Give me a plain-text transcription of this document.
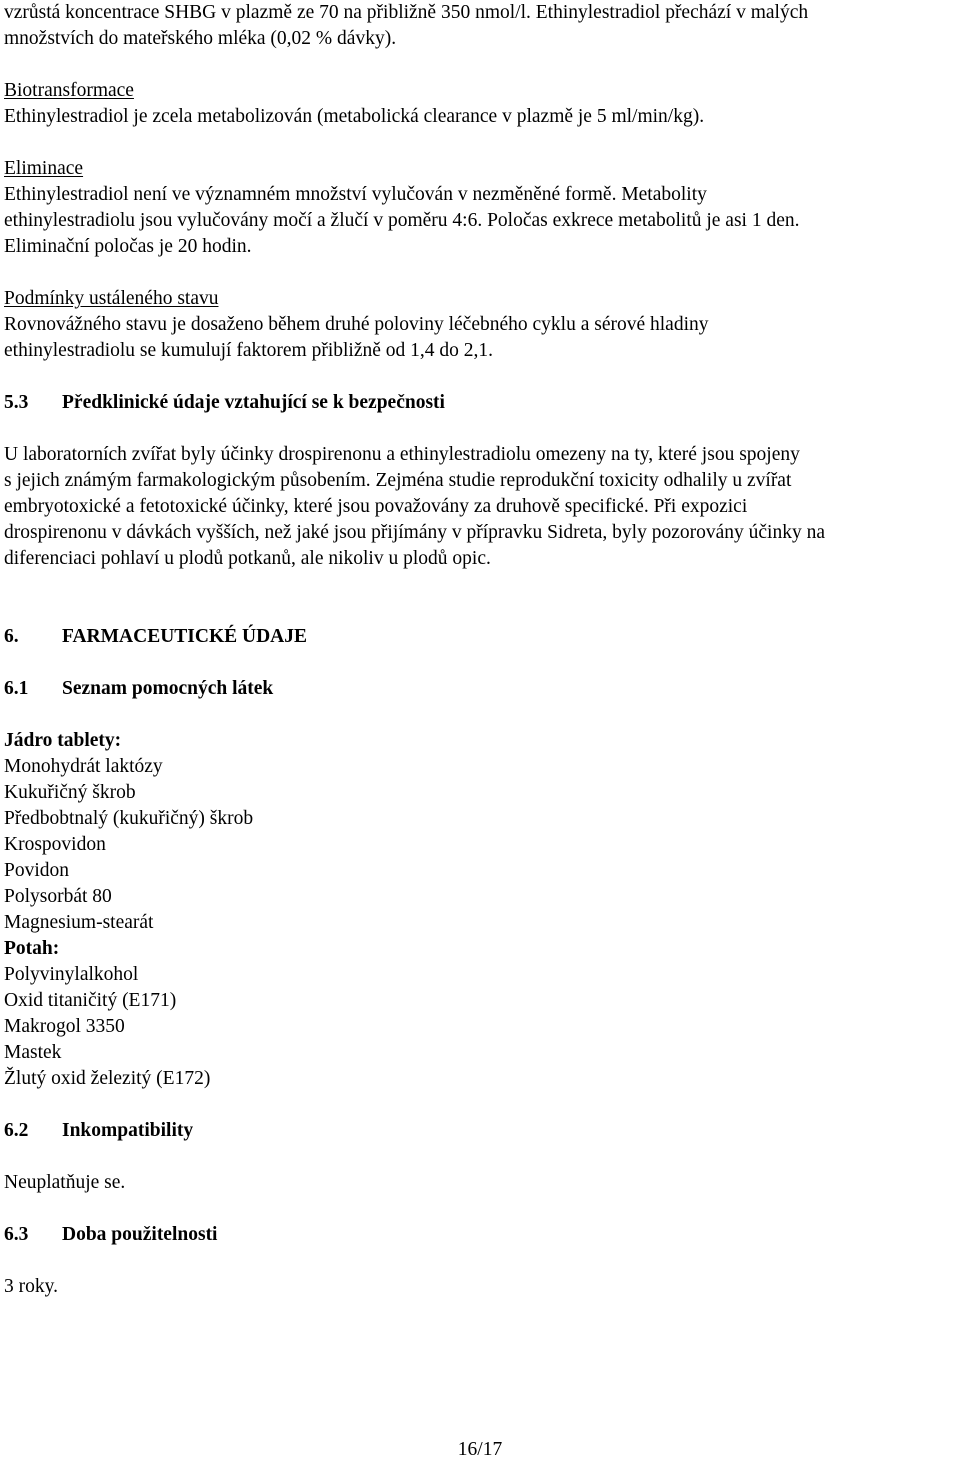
vzrůstá koncentrace SHBG v plazmě ze 70 na přibližně 350 nmol/l. Ethinylestradiol přechází v malých
množstvích do mateřského mléka (0,02 % dávky).
Biotransformace
Ethinylestradiol je zcela metabolizován (metabolická clearance v plazmě je 5 ml/min/kg).
Eliminace
Ethinylestradiol není ve významném množství vylučován v nezměněné formě. Metabolity
ethinylestradiolu jsou vylučovány močí a žlučí v poměru 4:6. Poločas exkrece metabolitů je asi 1 den.
Eliminační poločas je 20 hodin.
Podmínky ustáleného stavu
Rovnovážného stavu je dosaženo během druhé poloviny léčebného cyklu a sérové hladiny
ethinylestradiolu se kumulují faktorem přibližně od 1,4 do 2,1.
5.3 Předklinické údaje vztahující se k bezpečnosti
U laboratorních zvířat byly účinky drospirenonu a ethinylestradiolu omezeny na ty, které jsou spojeny
s jejich známým farmakologickým působením. Zejména studie reprodukční toxicity odhalily u zvířat
embryotoxické a fetotoxické účinky, které jsou považovány za druhově specifické. Při expozici
drospirenonu v dávkách vyšších, než jaké jsou přijímány v přípravku Sidreta, byly pozorovány účinky na
diferenciaci pohlaví u plodů potkanů, ale nikoliv u plodů opic.
6. FARMACEUTICKÉ ÚDAJE
6.1 Seznam pomocných látek
Jádro tablety:
Monohydrát laktózy
Kukuřičný škrob
Předbobtnalý (kukuřičný) škrob
Krospovidon
Povidon
Polysorbát 80
Magnesium-stearát
Potah:
Polyvinylalkohol
Oxid titaničitý (E171)
Makrogol 3350
Mastek
Žlutý oxid železitý (E172)
6.2 Inkompatibility
Neuplatňuje se.
6.3 Doba použitelnosti
3 roky.
16/17
